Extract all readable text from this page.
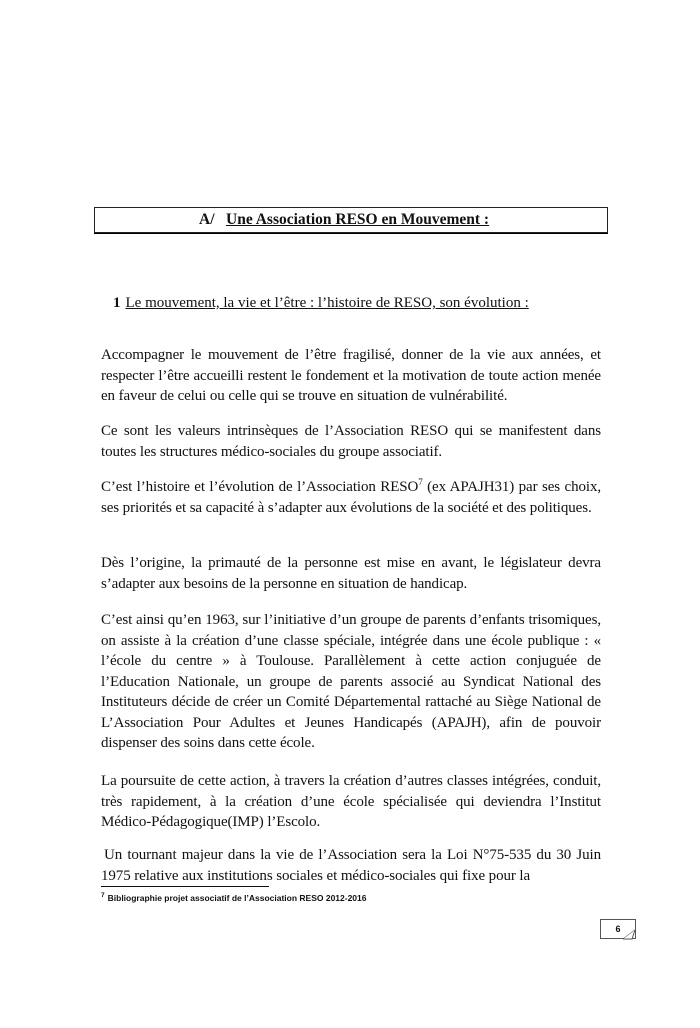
A/ Une Association RESO en Mouvement :
1 Le mouvement, la vie et l’être : l’histoire de RESO, son évolution :

Accompagner le mouvement de l’être fragilisé, donner de la vie aux années, et respecter l’être accueilli restent le fondement et la motivation de toute action menée en faveur de celui ou celle qui se trouve en situation de vulnérabilité.

Ce sont les valeurs intrinsèques de l’Association RESO qui se manifestent dans toutes les structures médico-sociales du groupe associatif.

C’est l’histoire et l’évolution de l’Association RESO$^7$ (ex APAJH31) par ses choix, ses priorités et sa capacité à s’adapter aux évolutions de la société et des politiques.

Dès l’origine, la primauté de la personne est mise en avant, le législateur devra s’adapter aux besoins de la personne en situation de handicap.

C’est ainsi qu’en 1963, sur l’initiative d’un groupe de parents d’enfants trisomiques, on assiste à la création d’une classe spéciale, intégrée dans une école publique : « l’école du centre » à Toulouse. Parallèlement à cette action conjuguée de l’Education Nationale, un groupe de parents associé au Syndicat National des Instituteurs décide de créer un Comité Départemental rattaché au Siège National de L’Association Pour Adultes et Jeunes Handicapés (APAJH), afin de pouvoir dispenser des soins dans cette école.

La poursuite de cette action, à travers la création d’autres classes intégrées, conduit, très rapidement, à la création d’une école spécialisée qui deviendra l’Institut Médico-Pédagogique(IMP) l’Escolo.

Un tournant majeur dans la vie de l’Association sera la Loi N°75-535 du 30 Juin 1975 relative aux institutions sociales et médico-sociales qui fixe pour la

$^7$ Bibliographie projet associatif de l’Association RESO 2012-2016
6
